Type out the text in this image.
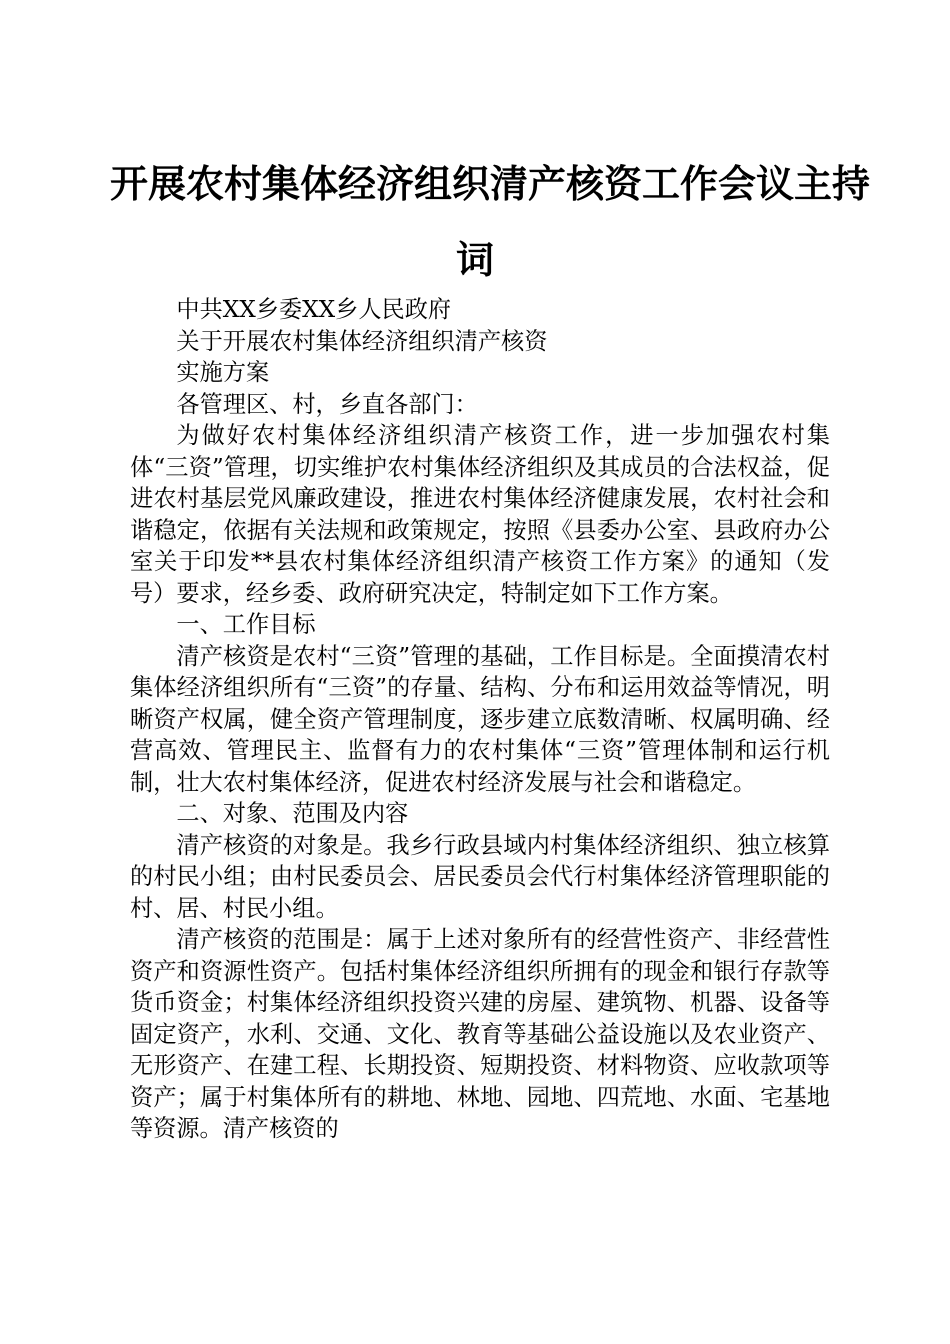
开展农村集体经济组织清产核资工作会议主持
词

中共XX乡委XX乡人民政府

关于开展农村集体经济组织清产核资

实施方案

各管理区、村，乡直各部门：

为做好农村集体经济组织清产核资工作，进一步加强农村集体“三资”管理，切实维护农村集体经济组织及其成员的合法权益，促进农村基层党风廉政建设，推进农村集体经济健康发展，农村社会和谐稳定，依据有关法规和政策规定，按照《县委办公室、县政府办公室关于印发**县农村集体经济组织清产核资工作方案》的通知（发号）要求，经乡委、政府研究决定，特制定如下工作方案。

一、工作目标

清产核资是农村“三资”管理的基础，工作目标是。全面摸清农村集体经济组织所有“三资”的存量、结构、分布和运用效益等情况，明晰资产权属，健全资产管理制度，逐步建立底数清晰、权属明确、经营高效、管理民主、监督有力的农村集体“三资”管理体制和运行机制，壮大农村集体经济，促进农村经济发展与社会和谐稳定。

二、对象、范围及内容

清产核资的对象是。我乡行政县域内村集体经济组织、独立核算的村民小组；由村民委员会、居民委员会代行村集体经济管理职能的村、居、村民小组。

清产核资的范围是：属于上述对象所有的经营性资产、非经营性资产和资源性资产。包括村集体经济组织所拥有的现金和银行存款等货币资金；村集体经济组织投资兴建的房屋、建筑物、机器、设备等固定资产，水利、交通、文化、教育等基础公益设施以及农业资产、无形资产、在建工程、长期投资、短期投资、材料物资、应收款项等资产；属于村集体所有的耕地、林地、园地、四荒地、水面、宅基地等资源。清产核资的
